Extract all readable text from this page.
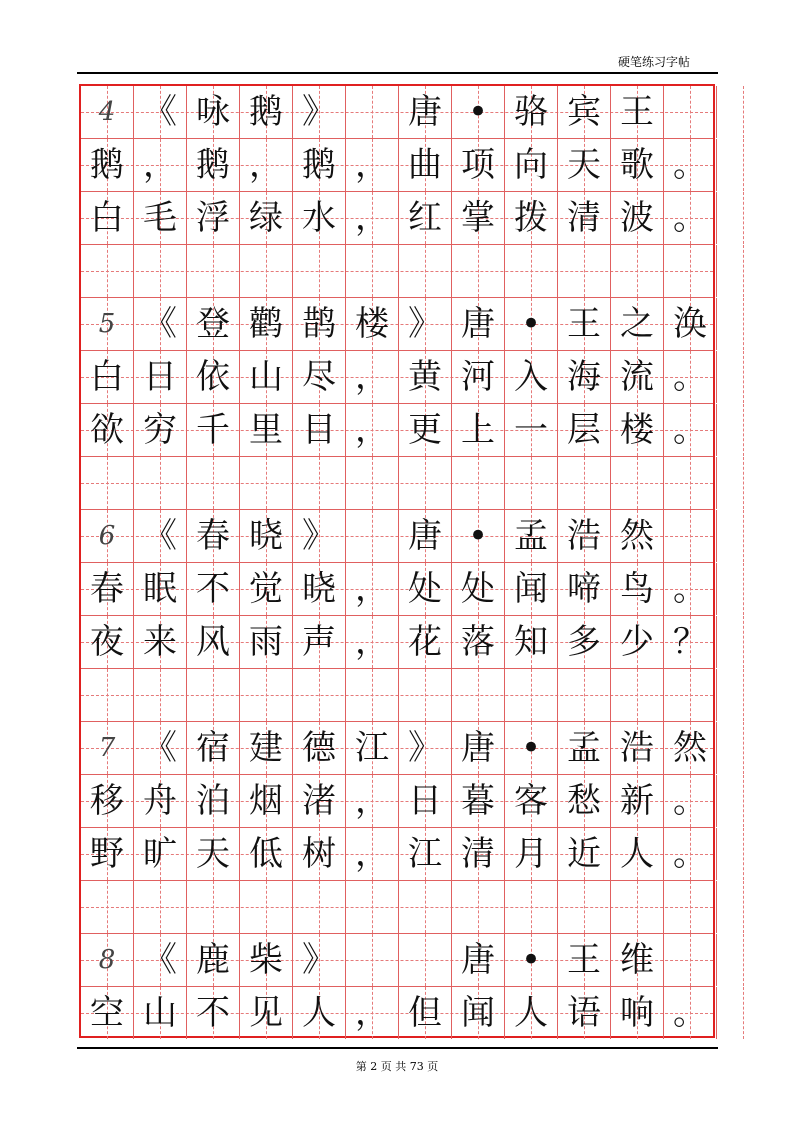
硬笔练习字帖
4 《 咏 鹅 》 唐 • 骆 宾 王
鹅 ， 鹅 ， 鹅 ， 曲 项 向 天 歌 。
白 毛 浮 绿 水 ， 红 掌 拨 清 波 。
5 《 登 鹳 鹊 楼 》 唐 • 王 之 涣
白 日 依 山 尽 ， 黄 河 入 海 流 。
欲 穷 千 里 目 ， 更 上 一 层 楼 。
6 《 春 晓 》 唐 • 孟 浩 然
春 眠 不 觉 晓 ， 处 处 闻 啼 鸟 。
夜 来 风 雨 声 ， 花 落 知 多 少 ？
7 《 宿 建 德 江 》 唐 • 孟 浩 然
移 舟 泊 烟 渚 ， 日 暮 客 愁 新 。
野 旷 天 低 树 ， 江 清 月 近 人 。
8 《 鹿 柴 》	唐 • 王 维
空 山 不 见 人 ， 但 闻 人 语 响 。
第 2 页 共 73 页
